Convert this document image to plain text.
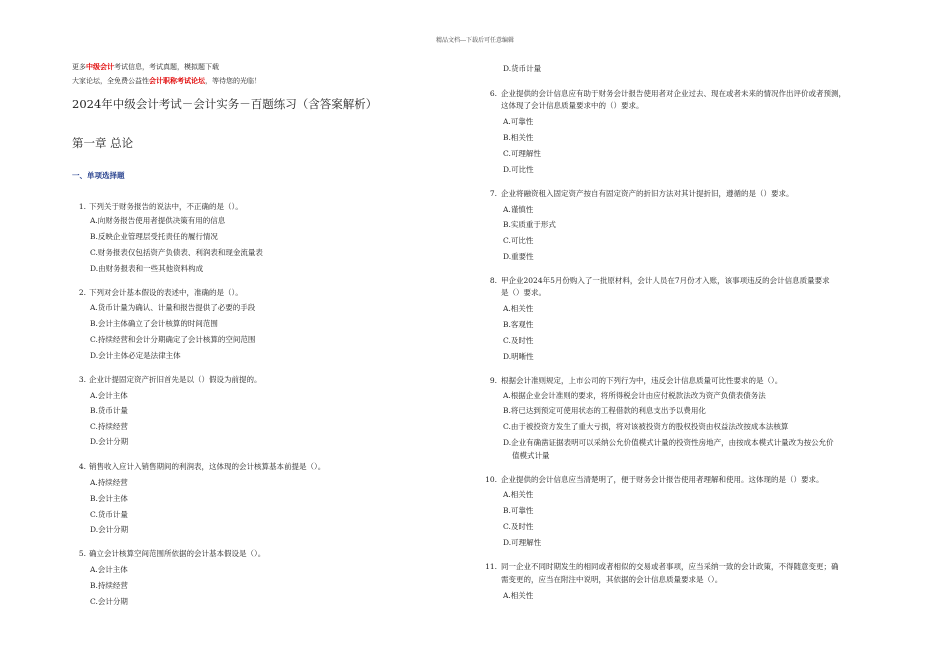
精品文档---下载后可任意编辑
更多中级会计考试信息，考试真题，模拟题下载
大家论坛，全免费公益性会计职称考试论坛，等待您的光临！
2024年中级会计考试－会计实务－百题练习（含答案解析）
第一章 总论
一、单项选择题
1. 下列关于财务报告的说法中，不正确的是（）。
A.向财务报告使用者提供决策有用的信息
B.反映企业管理层受托责任的履行情况
C.财务报表仅包括资产负债表、利润表和现金流量表
D.由财务报表和一些其他资料构成
2. 下列对会计基本假设的表述中，准确的是（）。
A.货币计量为确认、计量和报告提供了必要的手段
B.会计主体确立了会计核算的时间范围
C.持续经营和会计分期确定了会计核算的空间范围
D.会计主体必定是法律主体
3. 企业计提固定资产折旧首先是以（）假设为前提的。
A.会计主体
B.货币计量
C.持续经营
D.会计分期
4. 销售收入应计入销售期间的利润表，这体现的会计核算基本前提是（）。
A.持续经营
B.会计主体
C.货币计量
D.会计分期
5. 确立会计核算空间范围所依据的会计基本假设是（）。
A.会计主体
B.持续经营
C.会计分期
D.货币计量
6. 企业提供的会计信息应有助于财务会计报告使用者对企业过去、现在或者未来的情况作出评价或者预测，
这体现了会计信息质量要求中的（）要求。
A.可靠性
B.相关性
C.可理解性
D.可比性
7. 企业将融资租入固定资产按自有固定资产的折旧方法对其计提折旧，遵循的是（）要求。
A.谨慎性
B.实质重于形式
C.可比性
D.重要性
8. 甲企业2024年5月份购入了一批原材料，会计人员在7月份才入账，该事项违反的会计信息质量要求
是（）要求。
A.相关性
B.客观性
C.及时性
D.明晰性
9. 根据会计准则规定，上市公司的下列行为中，违反会计信息质量可比性要求的是（）。
A.根据企业会计准则的要求，将所得税会计由应付税款法改为资产负债表债务法
B.将已达到预定可使用状态的工程借款的利息支出予以费用化
C.由于被投资方发生了重大亏损，将对该被投资方的股权投资由权益法改按成本法核算
D.企业有确凿证据表明可以采纳公允价值模式计量的投资性房地产，由按成本模式计量改为按公允价
值模式计量
10. 企业提供的会计信息应当清楚明了，便于财务会计报告使用者理解和使用。这体现的是（）要求。
A.相关性
B.可靠性
C.及时性
D.可理解性
11. 同一企业不同时期发生的相同或者相似的交易或者事项，应当采纳一致的会计政策，不得随意变更；确
需变更的，应当在附注中说明，其依据的会计信息质量要求是（）。
A.相关性
